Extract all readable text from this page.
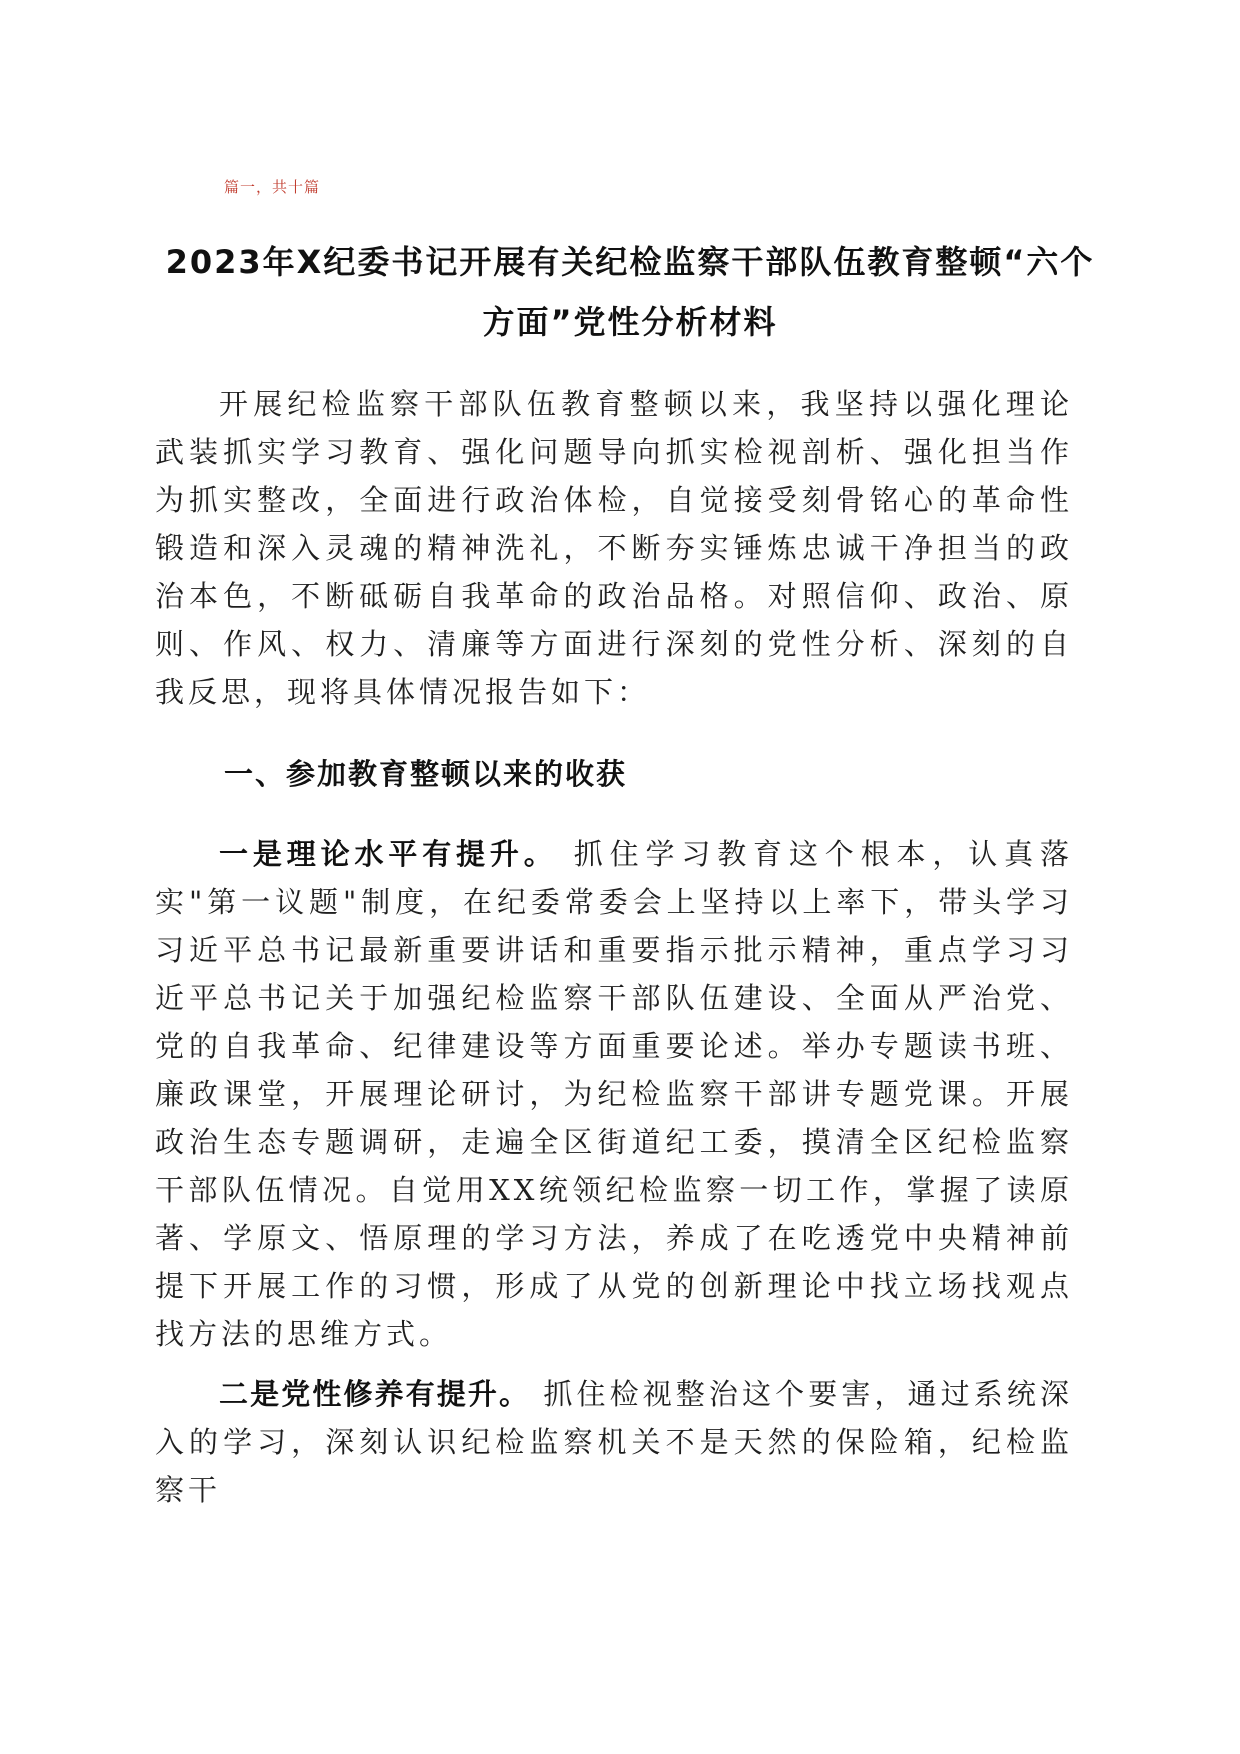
篇一，共十篇
2023年X纪委书记开展有关纪检监察干部队伍教育整顿“六个方面”党性分析材料

开展纪检监察干部队伍教育整顿以来，我坚持以强化理论武装抓实学习教育、强化问题导向抓实检视剖析、强化担当作为抓实整改，全面进行政治体检，自觉接受刻骨铭心的革命性锻造和深入灵魂的精神洗礼，不断夯实锤炼忠诚干净担当的政治本色，不断砥砺自我革命的政治品格。对照信仰、政治、原则、作风、权力、清廉等方面进行深刻的党性分析、深刻的自我反思，现将具体情况报告如下：

一、参加教育整顿以来的收获

一是理论水平有提升。 抓住学习教育这个根本，认真落实"第一议题"制度，在纪委常委会上坚持以上率下，带头学习习近平总书记最新重要讲话和重要指示批示精神，重点学习习近平总书记关于加强纪检监察干部队伍建设、全面从严治党、党的自我革命、纪律建设等方面重要论述。举办专题读书班、廉政课堂，开展理论研讨，为纪检监察干部讲专题党课。开展政治生态专题调研，走遍全区街道纪工委，摸清全区纪检监察干部队伍情况。自觉用XX统领纪检监察一切工作，掌握了读原著、学原文、悟原理的学习方法，养成了在吃透党中央精神前提下开展工作的习惯，形成了从党的创新理论中找立场找观点找方法的思维方式。

二是党性修养有提升。 抓住检视整治这个要害，通过系统深入的学习，深刻认识纪检监察机关不是天然的保险箱，纪检监察干
